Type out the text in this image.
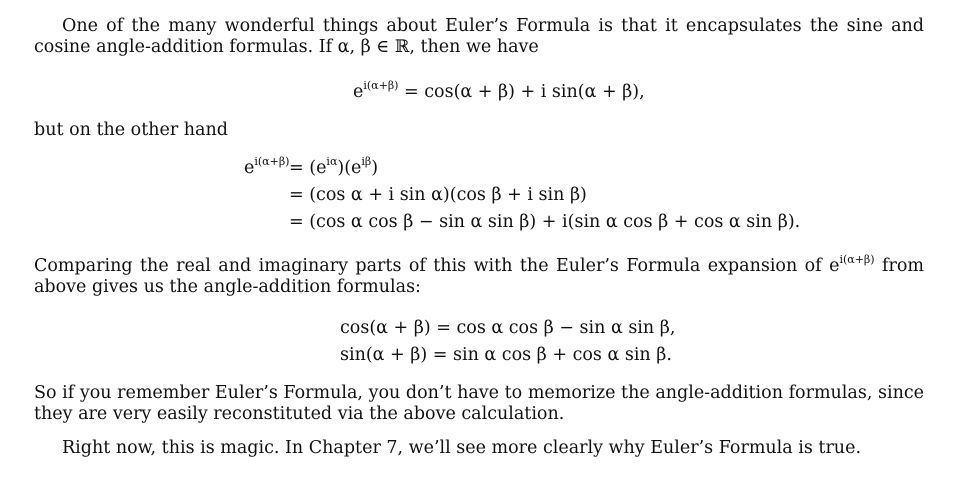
One of the many wonderful things about Euler’s Formula is that it encapsulates the sine and cosine angle-addition formulas. If α, β ∈ ℝ, then we have

$e^{i(\alpha+\beta)} = \cos(\alpha + \beta) + i$ sin(α + β),

but on the other hand

$e^{i(\alpha+\beta)} = (e^{i\alpha})(e^{i\beta})$
= (cos α + i sin α)(cos β + i sin β)
= (cos α cos β − sin α sin β) + i(sin α cos β + cos α sin β).

Comparing the real and imaginary parts of this with the Euler’s Formula expansion of $e^{i(\alpha+\beta)}$ from above gives us the angle-addition formulas:

cos(α + β) = cos α cos β − sin α sin β,
sin(α + β) = sin α cos β + cos α sin β.

So if you remember Euler’s Formula, you don’t have to memorize the angle-addition formulas, since they are very easily reconstituted via the above calculation.

Right now, this is magic. In Chapter 7, we’ll see more clearly why Euler’s Formula is true.
